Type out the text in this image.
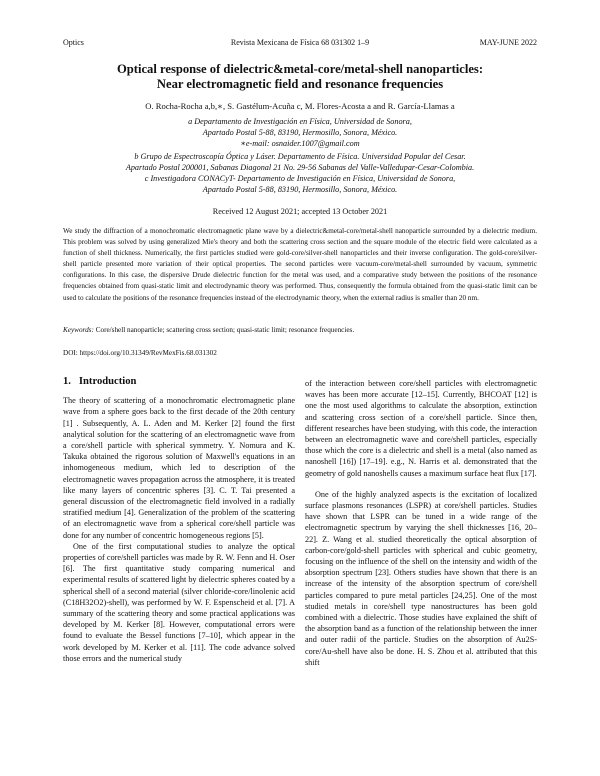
Optics	Revista Mexicana de Física 68 031302 1–9	MAY-JUNE 2022
Optical response of dielectric&metal-core/metal-shell nanoparticles:
Near electromagnetic field and resonance frequencies
O. Rocha-Rocha a,b,∗, S. Gastélum-Acuña c, M. Flores-Acosta a and R. García-Llamas a
a Departamento de Investigación en Física, Universidad de Sonora,
Apartado Postal 5-88, 83190, Hermosillo, Sonora, México.
∗e-mail: osnaider.1007@gmail.com
b Grupo de Espectroscopía Óptica y Láser. Departamento de Física. Universidad Popular del Cesar.
Apartado Postal 200001, Sabanas Diagonal 21 No. 29-56 Sabanas del Valle-Valledupar-Cesar-Colombia.
c Investigadora CONACyT- Departamento de Investigación en Física, Universidad de Sonora,
Apartado Postal 5-88, 83190, Hermosillo, Sonora, México.
Received 12 August 2021; accepted 13 October 2021
We study the diffraction of a monochromatic electromagnetic plane wave by a dielectric&metal-core/metal-shell nanoparticle surrounded by a dielectric medium. This problem was solved by using generalized Mie's theory and both the scattering cross section and the square module of the electric field were calculated as a function of shell thickness. Numerically, the first particles studied were gold-core/silver-shell nanoparticles and their inverse configuration. The gold-core/silver-shell particle presented more variation of their optical properties. The second particles were vacuum-core/metal-shell surrounded by vacuum, symmetric configurations. In this case, the dispersive Drude dielectric function for the metal was used, and a comparative study between the positions of the resonance frequencies obtained from quasi-static limit and electrodynamic theory was performed. Thus, consequently the formula obtained from the quasi-static limit can be used to calculate the positions of the resonance frequencies instead of the electrodynamic theory, when the external radius is smaller than 20 nm.
Keywords: Core/shell nanoparticle; scattering cross section; quasi-static limit; resonance frequencies.
DOI: https://doi.org/10.31349/RevMexFis.68.031302
1. Introduction

The theory of scattering of a monochromatic electromagnetic plane wave from a sphere goes back to the first decade of the 20th century [1] . Subsequently, A. L. Aden and M. Kerker [2] found the first analytical solution for the scattering of an electromagnetic wave from a core/shell particle with spherical symmetry. Y. Nomura and K. Takuka obtained the rigorous solution of Maxwell's equations in an inhomogeneous medium, which led to description of the electromagnetic waves propagation across the atmosphere, it is treated like many layers of concentric spheres [3]. C. T. Tai presented a general discussion of the electromagnetic field involved in a radially stratified medium [4]. Generalization of the problem of the scattering of an electromagnetic wave from a spherical core/shell particle was done for any number of concentric homogeneous regions [5].

One of the first computational studies to analyze the optical properties of core/shell particles was made by R. W. Fenn and H. Oser [6]. The first quantitative study comparing numerical and experimental results of scattered light by dielectric spheres coated by a spherical shell of a second material (silver chloride-core/linolenic acid (C18H32O2)-shell), was performed by W. F. Espenscheid et al. [7]. A summary of the scattering theory and some practical applications was developed by M. Kerker [8]. However, computational errors were found to evaluate the Bessel functions [7–10], which appear in the work developed by M. Kerker et al. [11]. The code advance solved those errors and the numerical study

of the interaction between core/shell particles with electromagnetic waves has been more accurate [12–15]. Currently, BHCOAT [12] is one the most used algorithms to calculate the absorption, extinction and scattering cross section of a core/shell particle. Since then, different researches have been studying, with this code, the interaction between an electromagnetic wave and core/shell particles, especially those which the core is a dielectric and shell is a metal (also named as nanoshell [16]) [17–19]. e.g., N. Harris et al. demonstrated that the geometry of gold nanoshells causes a maximum surface heat flux [17].

One of the highly analyzed aspects is the excitation of localized surface plasmons resonances (LSPR) at core/shell particles. Studies have shown that LSPR can be tuned in a wide range of the electromagnetic spectrum by varying the shell thicknesses [16, 20–22]. Z. Wang et al. studied theoretically the optical absorption of carbon-core/gold-shell particles with spherical and cubic geometry, focusing on the influence of the shell on the intensity and width of the absorption spectrum [23]. Others studies have shown that there is an increase of the intensity of the absorption spectrum of core/shell particles compared to pure metal particles [24,25]. One of the most studied metals in core/shell type nanostructures has been gold combined with a dielectric. Those studies have explained the shift of the absorption band as a function of the relationship between the inner and outer radii of the particle. Studies on the absorption of Au2S-core/Au-shell have also be done. H. S. Zhou et al. attributed that this shift
